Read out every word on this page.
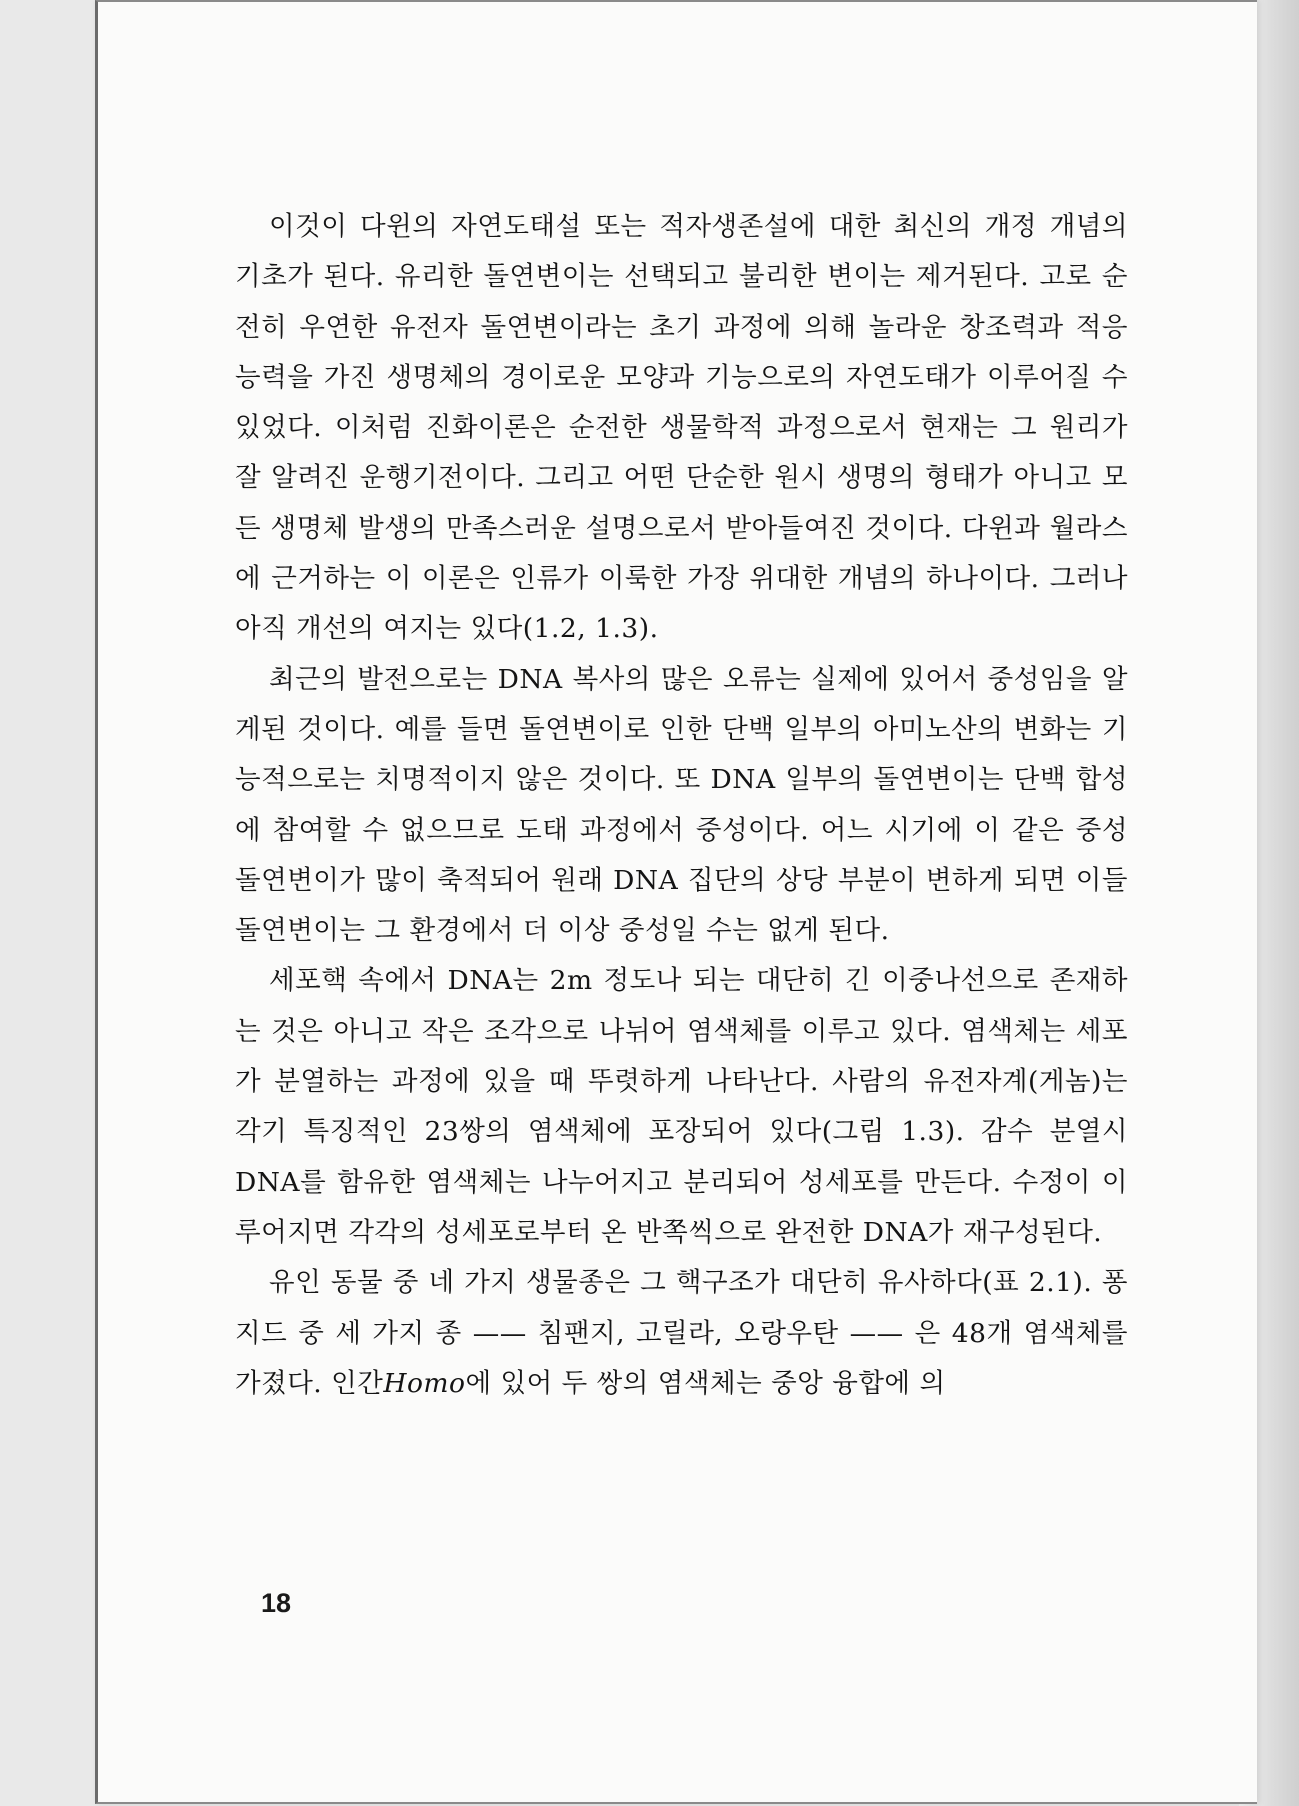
이것이 다윈의 자연도태설 또는 적자생존설에 대한 최신의 개정 개념의 기초가 된다. 유리한 돌연변이는 선택되고 불리한 변이는 제거된다. 고로 순전히 우연한 유전자 돌연변이라는 초기 과정에 의해 놀라운 창조력과 적응 능력을 가진 생명체의 경이로운 모양과 기능으로의 자연도태가 이루어질 수 있었다. 이처럼 진화이론은 순전한 생물학적 과정으로서 현재는 그 원리가 잘 알려진 운행기전이다. 그리고 어떤 단순한 원시 생명의 형태가 아니고 모든 생명체 발생의 만족스러운 설명으로서 받아들여진 것이다. 다윈과 월라스에 근거하는 이 이론은 인류가 이룩한 가장 위대한 개념의 하나이다. 그러나 아직 개선의 여지는 있다(1.2, 1.3).

최근의 발전으로는 DNA 복사의 많은 오류는 실제에 있어서 중성임을 알게된 것이다. 예를 들면 돌연변이로 인한 단백 일부의 아미노산의 변화는 기능적으로는 치명적이지 않은 것이다. 또 DNA 일부의 돌연변이는 단백 합성에 참여할 수 없으므로 도태 과정에서 중성이다. 어느 시기에 이 같은 중성 돌연변이가 많이 축적되어 원래 DNA 집단의 상당 부분이 변하게 되면 이들 돌연변이는 그 환경에서 더 이상 중성일 수는 없게 된다.

세포핵 속에서 DNA는 2m 정도나 되는 대단히 긴 이중나선으로 존재하는 것은 아니고 작은 조각으로 나뉘어 염색체를 이루고 있다. 염색체는 세포가 분열하는 과정에 있을 때 뚜렷하게 나타난다. 사람의 유전자계(게놈)는 각기 특징적인 23쌍의 염색체에 포장되어 있다(그림 1.3). 감수 분열시 DNA를 함유한 염색체는 나누어지고 분리되어 성세포를 만든다. 수정이 이루어지면 각각의 성세포로부터 온 반쪽씩으로 완전한 DNA가 재구성된다.

유인 동물 중 네 가지 생물종은 그 핵구조가 대단히 유사하다(표 2.1). 퐁지드 중 세 가지 종 —— 침팬지, 고릴라, 오랑우탄 —— 은 48개 염색체를 가졌다. 인간Homo에 있어 두 쌍의 염색체는 중앙 융합에 의

18
